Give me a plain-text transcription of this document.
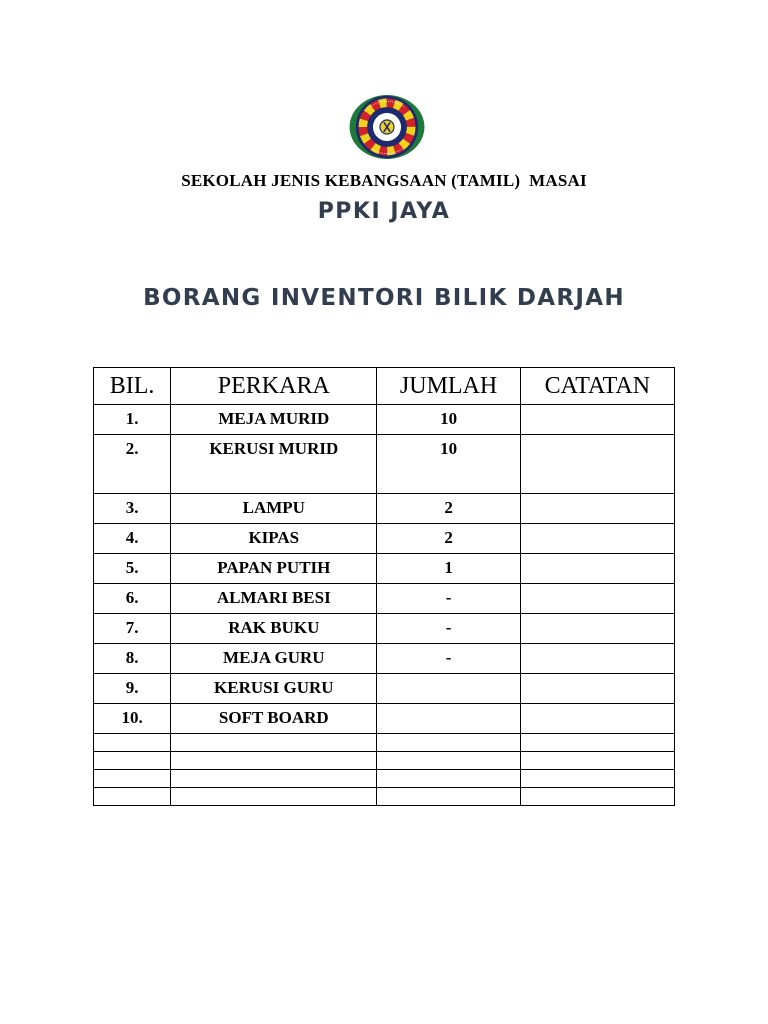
SEKOLAH JENIS KEBANGSAAN (TAMIL)  MASAI
PPKI JAYA
BORANG INVENTORI BILIK DARJAH
BIL.	PERKARA	JUMLAH	CATATAN
1.	MEJA MURID	10	
2.	KERUSI MURID	10	
3.	LAMPU	2	
4.	KIPAS	2	
5.	PAPAN PUTIH	1	
6.	ALMARI BESI	-	
7.	RAK BUKU	-	
8.	MEJA GURU	-	
9.	KERUSI GURU		
10.	SOFT BOARD		
